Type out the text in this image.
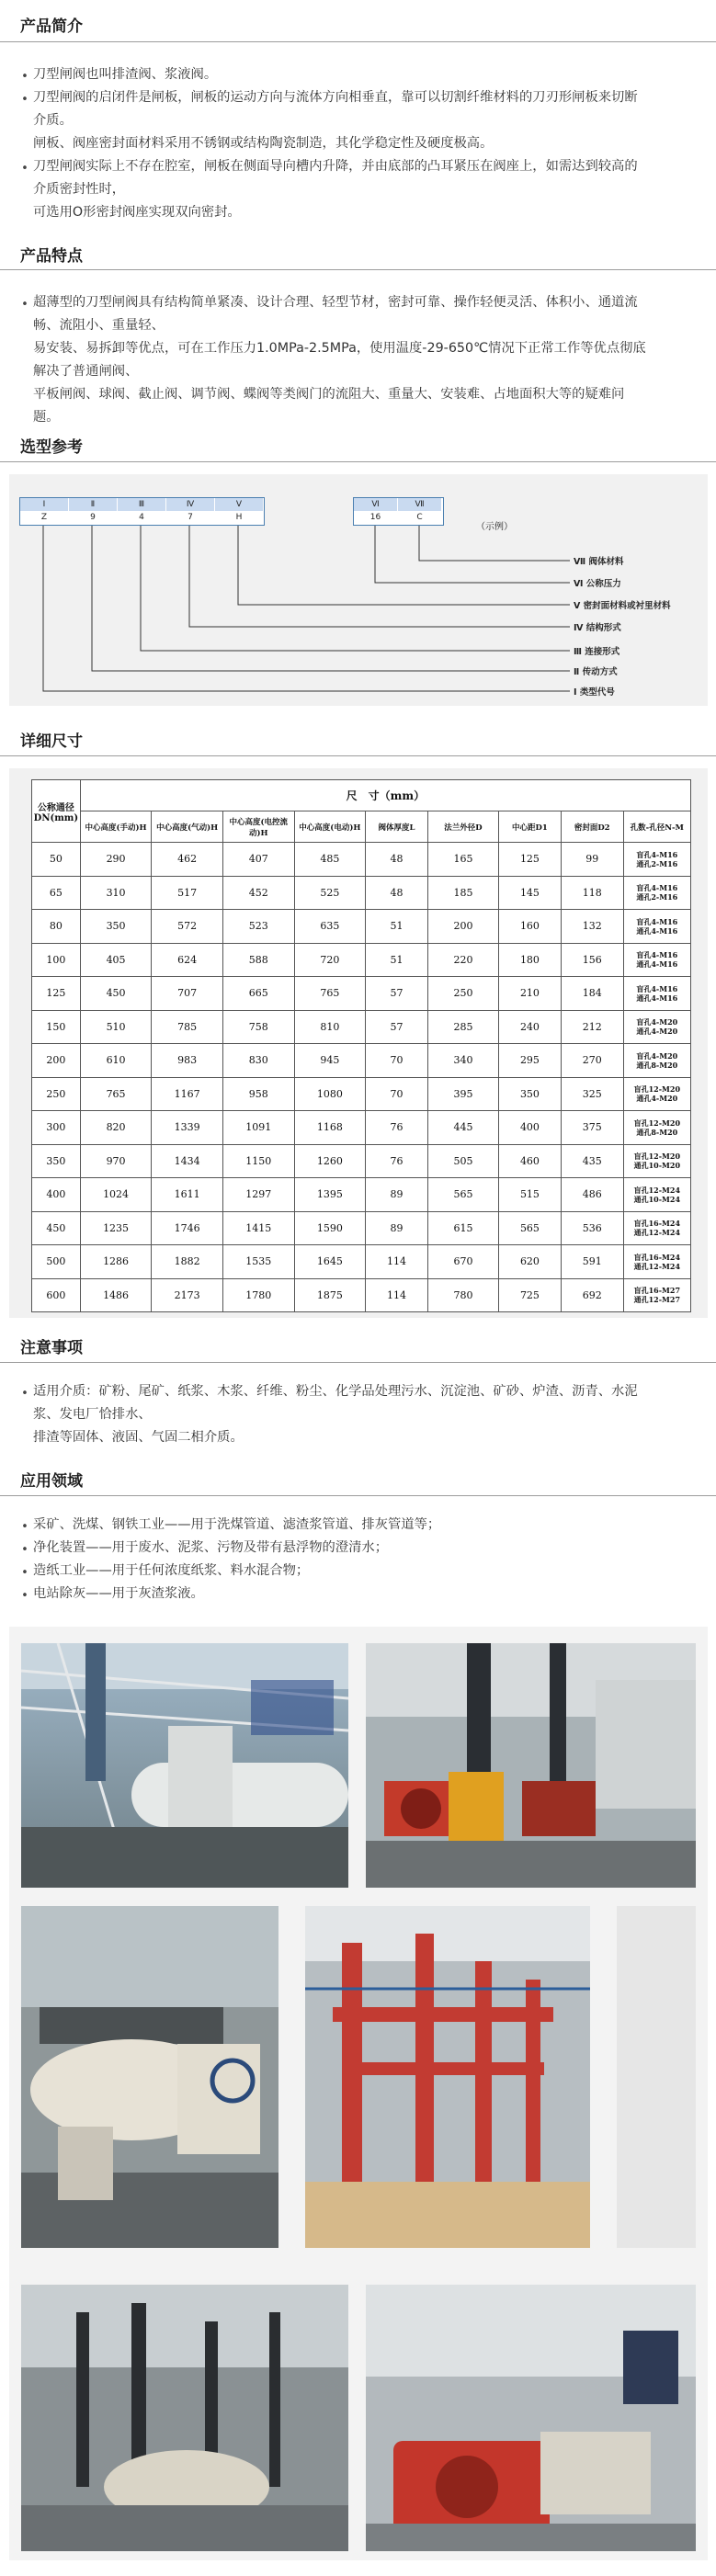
产品简介
• 刀型闸阀也叫排渣阀、浆液阀。
• 刀型闸阀的启闭件是闸板，闸板的运动方向与流体方向相垂直，靠可以切割纤维材料的刀刃形闸板来切断
介质。
闸板、阀座密封面材料采用不锈钢或结构陶瓷制造，其化学稳定性及硬度极高。
• 刀型闸阀实际上不存在腔室，闸板在侧面导向槽内升降，并由底部的凸耳紧压在阀座上，如需达到较高的
介质密封性时，
可选用O形密封阀座实现双向密封。
产品特点
• 超薄型的刀型闸阀具有结构简单紧凑、设计合理、轻型节材，密封可靠、操作轻便灵活、体积小、通道流
畅、流阻小、重量轻、
易安装、易拆卸等优点，可在工作压力1.0MPa-2.5MPa，使用温度-29-650℃情况下正常工作等优点彻底
解决了普通闸阀、
平板闸阀、球阀、截止阀、调节阀、蝶阀等类阀门的流阻大、重量大、安装难、占地面积大等的疑难问
题。
选型参考
Ⅰ
Z
Ⅱ
9
Ⅲ
4
Ⅳ
7
Ⅴ
H
Ⅵ
16
Ⅶ
C
（示例）
Ⅶ 阀体材料
Ⅵ 公称压力
Ⅴ 密封面材料或衬里材料
Ⅳ 结构形式
Ⅲ 连接形式
Ⅱ 传动方式
Ⅰ 类型代号
详细尺寸
公称通径
DN(mm)	尺　寸（mm）								
	中心高度(手动)H	中心高度(气动)H	中心高度(电控流动)H	中心高度(电动)H	阀体厚度L	法兰外径D	中心距D1	密封面D2	孔数-孔径N-M
50	290	462	407	485	48	165	125	99	盲孔4-M16
通孔2-M16

65	310	517	452	525	48	185	145	118	盲孔4-M16
通孔2-M16

80	350	572	523	635	51	200	160	132	盲孔4-M16
通孔4-M16

100	405	624	588	720	51	220	180	156	盲孔4-M16
通孔4-M16

125	450	707	665	765	57	250	210	184	盲孔4-M16
通孔4-M16

150	510	785	758	810	57	285	240	212	盲孔4-M20
通孔4-M20

200	610	983	830	945	70	340	295	270	盲孔4-M20
通孔8-M20

250	765	1167	958	1080	70	395	350	325	盲孔12-M20
通孔4-M20

300	820	1339	1091	1168	76	445	400	375	盲孔12-M20
通孔8-M20

350	970	1434	1150	1260	76	505	460	435	盲孔12-M20
通孔10-M20

400	1024	1611	1297	1395	89	565	515	486	盲孔12-M24
通孔10-M24

450	1235	1746	1415	1590	89	615	565	536	盲孔16-M24
通孔12-M24

500	1286	1882	1535	1645	114	670	620	591	盲孔16-M24
通孔12-M24

600	1486	2173	1780	1875	114	780	725	692	盲孔16-M27
通孔12-M27
注意事项
• 适用介质：矿粉、尾矿、纸浆、木浆、纤维、粉尘、化学品处理污水、沉淀池、矿砂、炉渣、沥青、水泥
浆、发电厂恰排水、
排渣等固体、液固、气固二相介质。
应用领域
• 采矿、洗煤、钢铁工业——用于洗煤管道、滤渣浆管道、排灰管道等；
• 净化装置——用于废水、泥浆、污物及带有悬浮物的澄清水；
• 造纸工业——用于任何浓度纸浆、料水混合物；
• 电站除灰——用于灰渣浆液。
